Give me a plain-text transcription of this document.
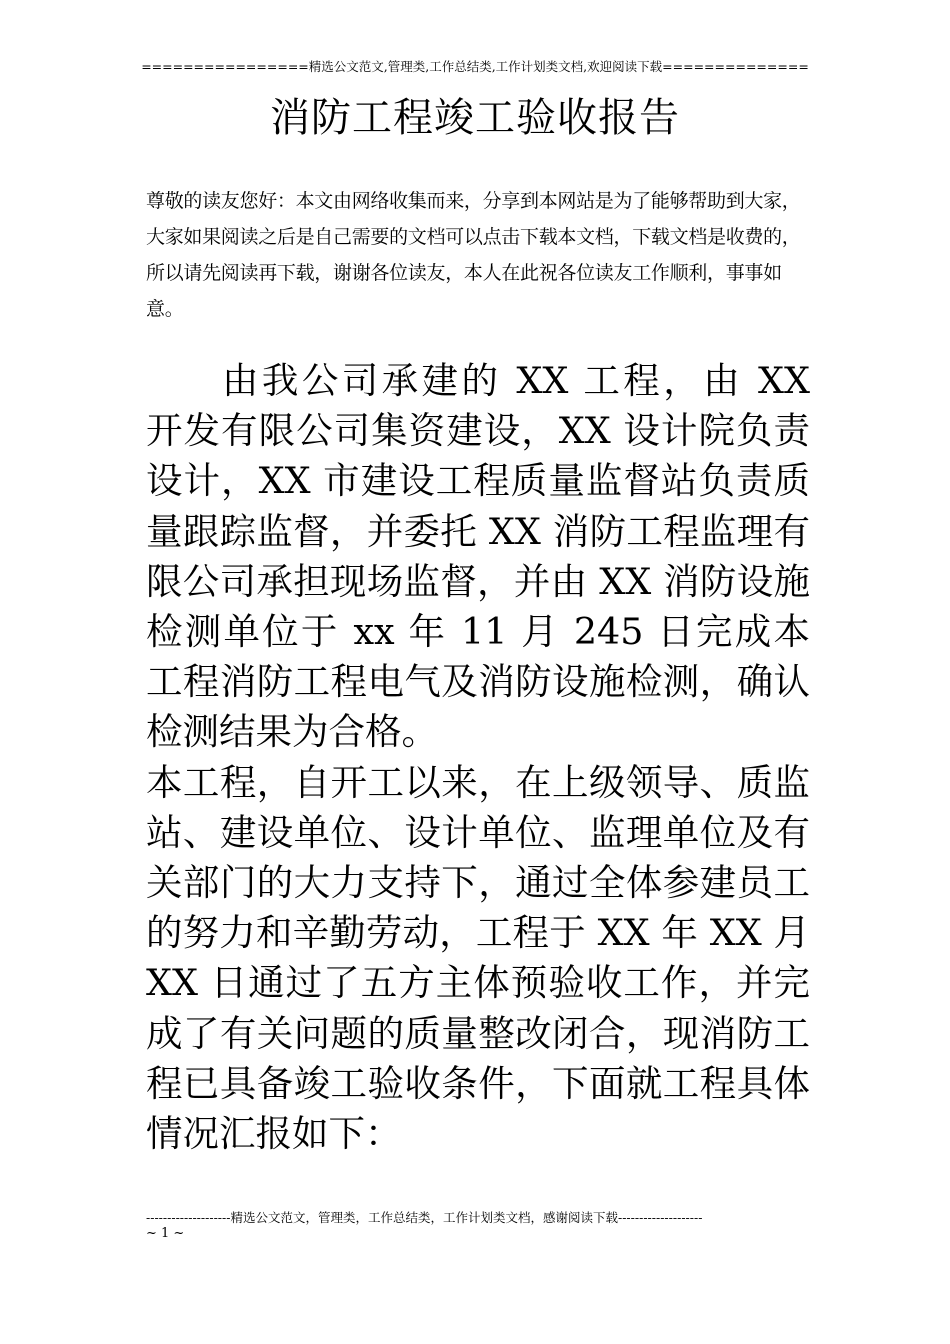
================精选公文范文,管理类,工作总结类,工作计划类文档,欢迎阅读下载==============
消防工程竣工验收报告
尊敬的读友您好：本文由网络收集而来，分享到本网站是为了能够帮助到大家，大家如果阅读之后是自己需要的文档可以点击下载本文档，下载文档是收费的，所以请先阅读再下载，谢谢各位读友，本人在此祝各位读友工作顺利，事事如意。

由我公司承建的 XX 工程，由 XX 开发有限公司集资建设，XX 设计院负责设计，XX 市建设工程质量监督站负责质量跟踪监督，并委托 XX 消防工程监理有限公司承担现场监督，并由 XX 消防设施检测单位于 xx 年 11 月 245 日完成本工程消防工程电气及消防设施检测，确认检测结果为合格。

本工程，自开工以来，在上级领导、质监站、建设单位、设计单位、监理单位及有关部门的大力支持下，通过全体参建员工的努力和辛勤劳动，工程于 XX 年 XX 月 XX 日通过了五方主体预验收工作，并完成了有关问题的质量整改闭合，现消防工程已具备竣工验收条件，下面就工程具体情况汇报如下：

--------------------精选公文范文，管理类，工作总结类，工作计划类文档，感谢阅读下载--------------------
~ 1 ~
